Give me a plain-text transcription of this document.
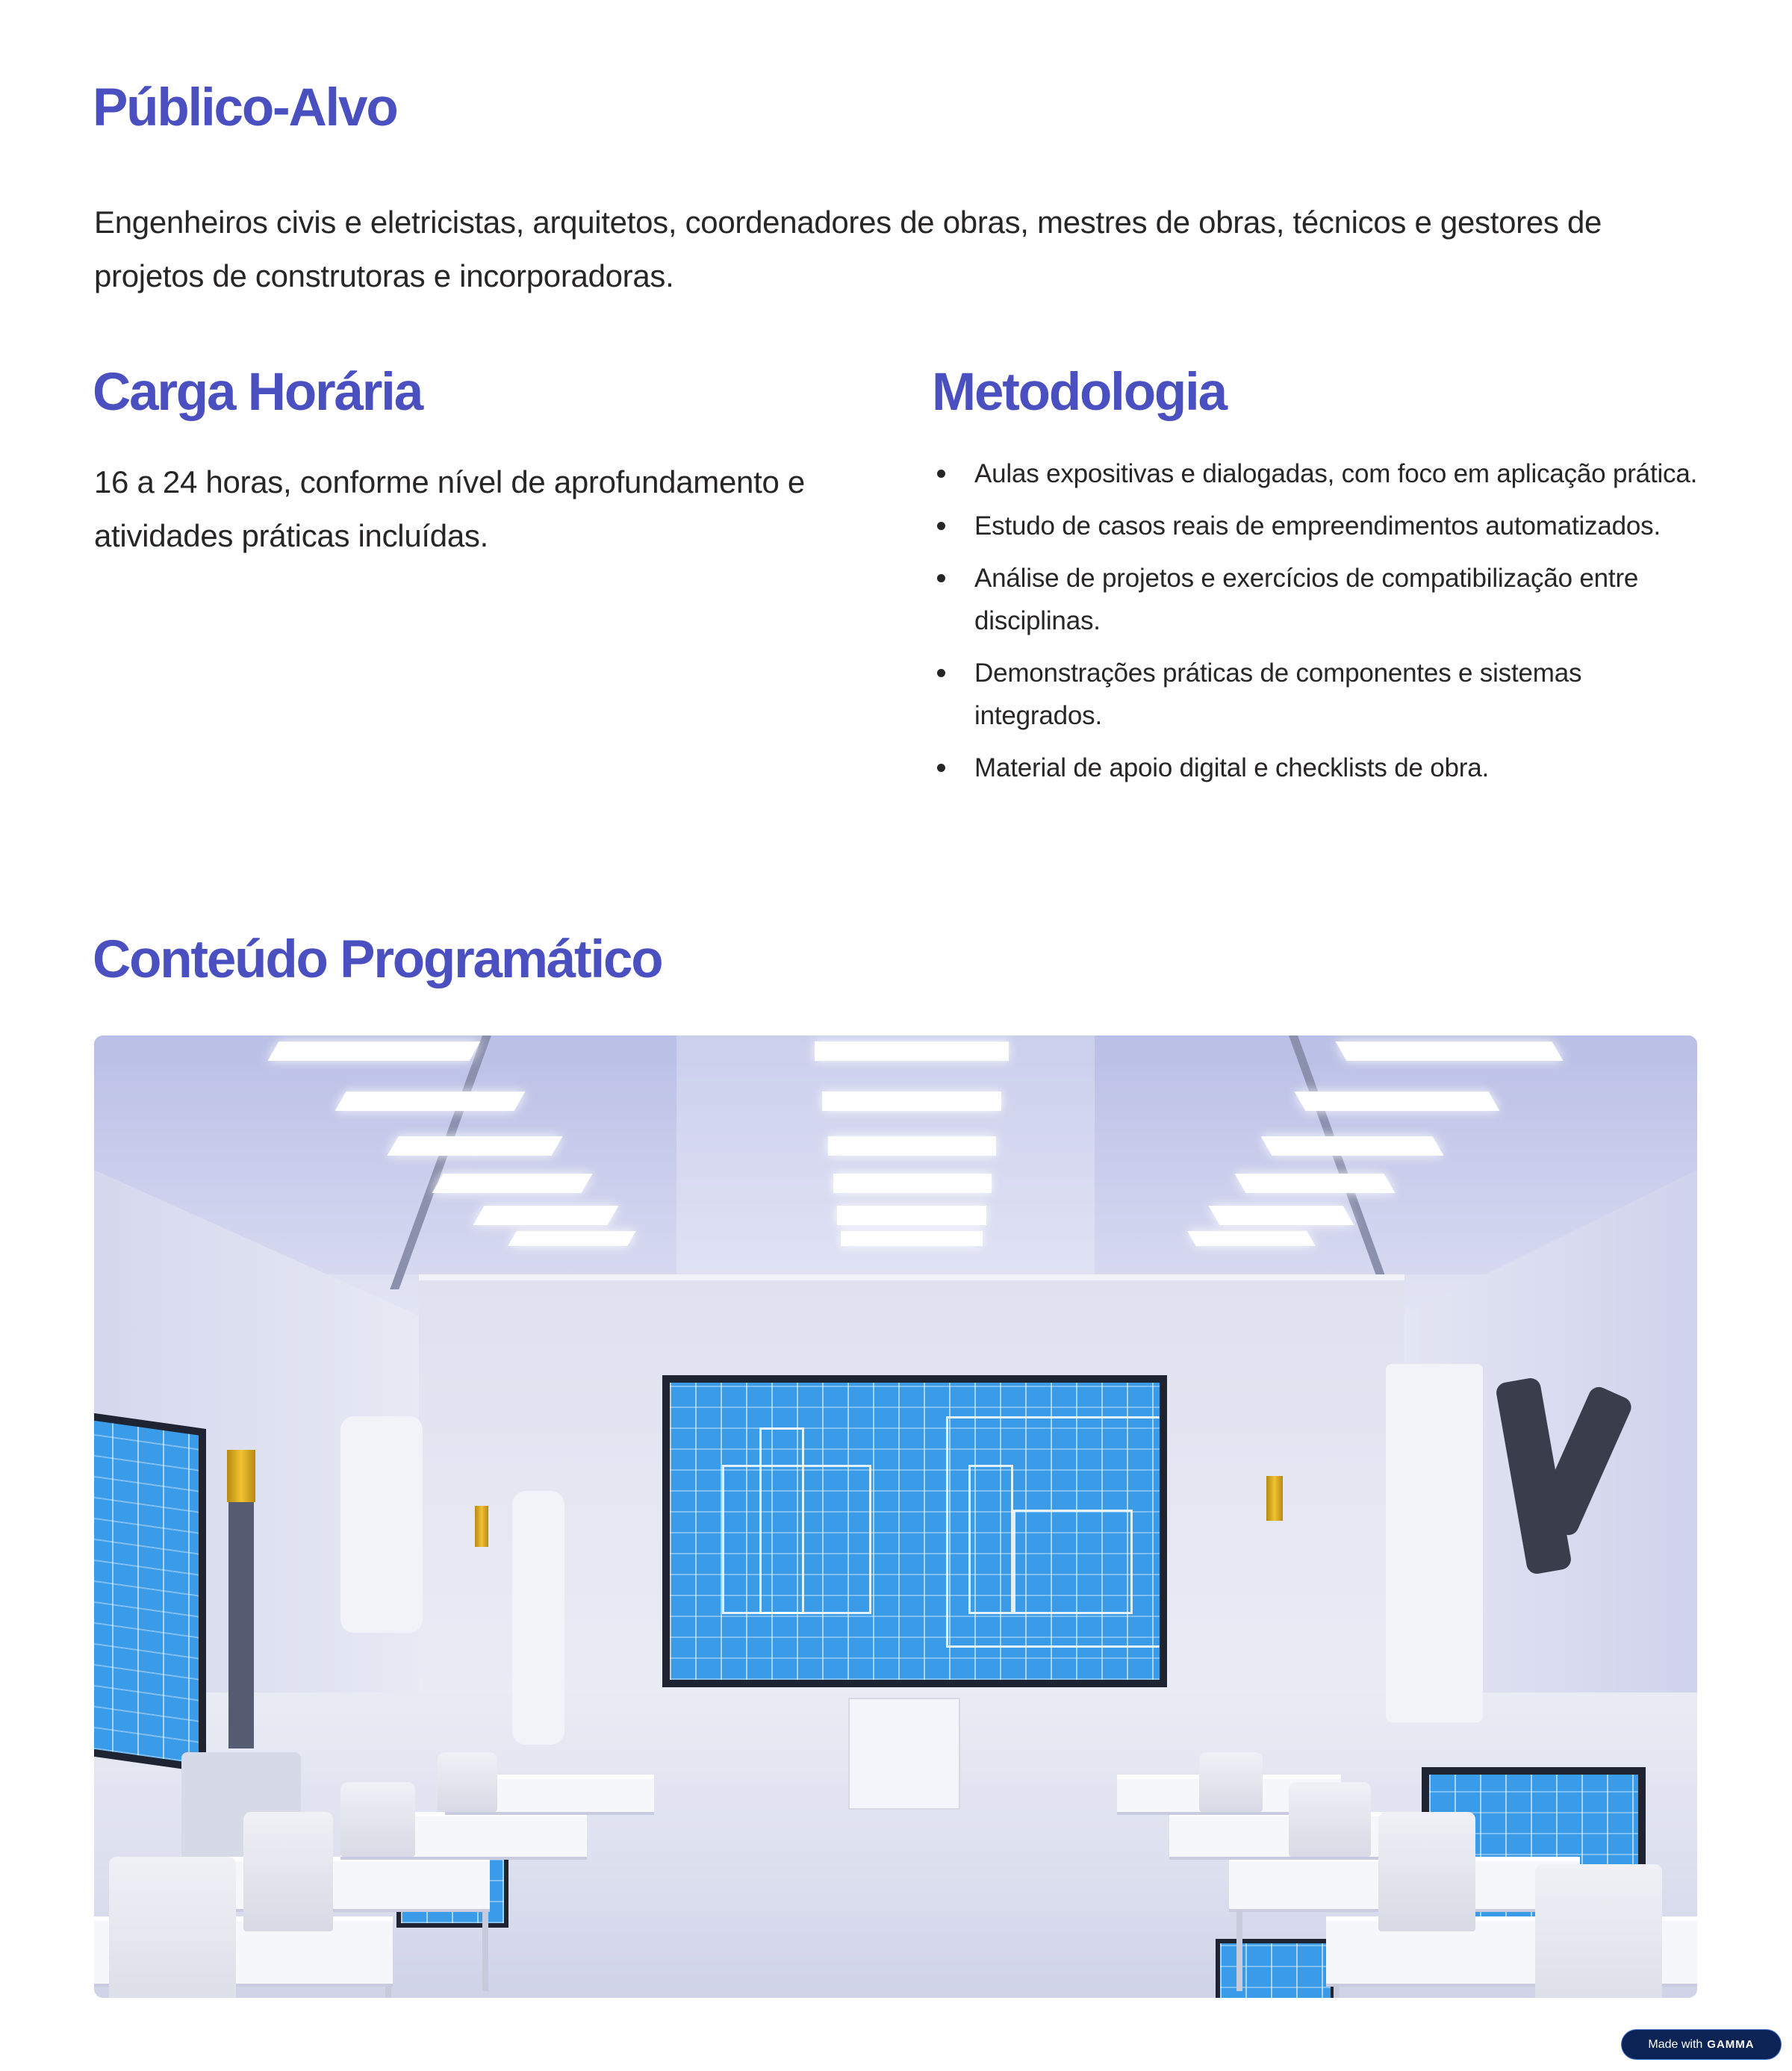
Público-Alvo

Engenheiros civis e eletricistas, arquitetos, coordenadores de obras, mestres de obras, técnicos e gestores de projetos de construtoras e incorporadoras.

Carga Horária

16 a 24 horas, conforme nível de aprofundamento e atividades práticas incluídas.

Metodologia
Aulas expositivas e dialogadas, com foco em aplicação prática.
Estudo de casos reais de empreendimentos automatizados.
Análise de projetos e exercícios de compatibilização entre disciplinas.
Demonstrações práticas de componentes e sistemas integrados.
Material de apoio digital e checklists de obra.
Conteúdo Programático
Made with GAMMA
